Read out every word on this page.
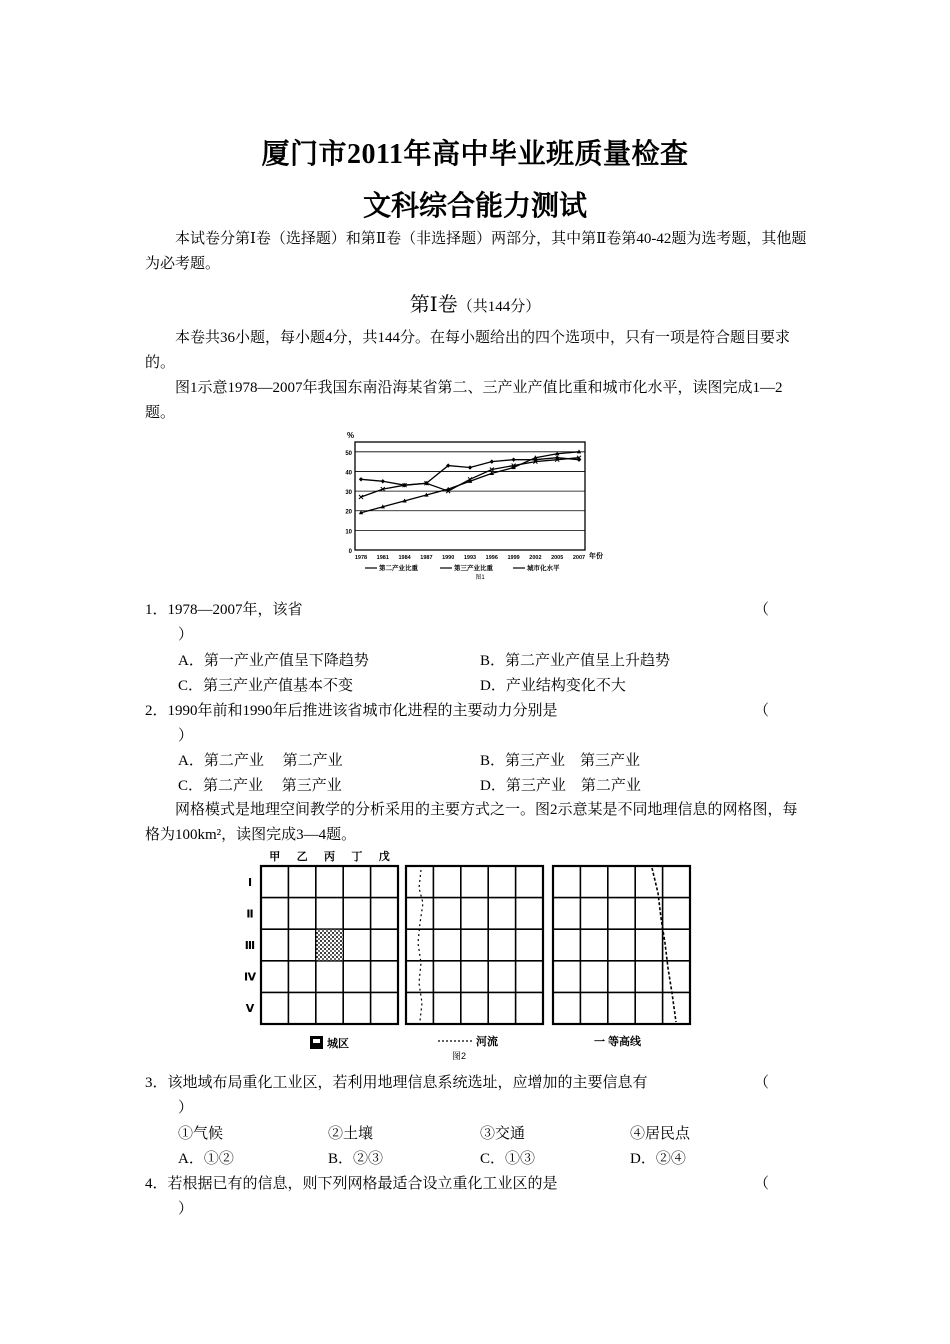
厦门市2011年高中毕业班质量检查
文科综合能力测试
本试卷分第Ⅰ卷（选择题）和第Ⅱ卷（非选择题）两部分，其中第Ⅱ卷第40-42题为选考题，其他题为必考题。
第Ⅰ卷（共144分）
本卷共36小题，每小题4分，共144分。在每小题给出的四个选项中，只有一项是符合题目要求的。
图1示意1978—2007年我国东南沿海某省第二、三产业产值比重和城市化水平，读图完成1—2题。
0
10
20
30
40
50
%
1978 1981 1984 1987 1990 1993 1996 1999 2002 2005 2007 年份
第二产业比重	第三产业比重	城市化水平
图1
1．1978—2007年，该省	（
）
A．第一产业产值呈下降趋势	B．第二产业产值呈上升趋势
C．第三产业产值基本不变	D．产业结构变化不大
2．1990年前和1990年后推进该省城市化进程的主要动力分别是	（
）
A．第二产业　 第二产业	B．第三产业　第三产业
C．第二产业　 第三产业	D．第三产业　第二产业
网格模式是地理空间教学的分析采用的主要方式之一。图2示意某是不同地理信息的网格图，每格为100km²，读图完成3—4题。
甲 乙 丙 丁 戊
Ⅰ
Ⅱ
Ⅲ
Ⅳ
Ⅴ
城区	河流
图2
一 等高线
3．该地域布局重化工业区，若利用地理信息系统选址，应增加的主要信息有	（
）
①气候	②土壤	③交通	④居民点
A．①②	B．②③	C．①③	D．②④
4．若根据已有的信息，则下列网格最适合设立重化工业区的是	（
）
